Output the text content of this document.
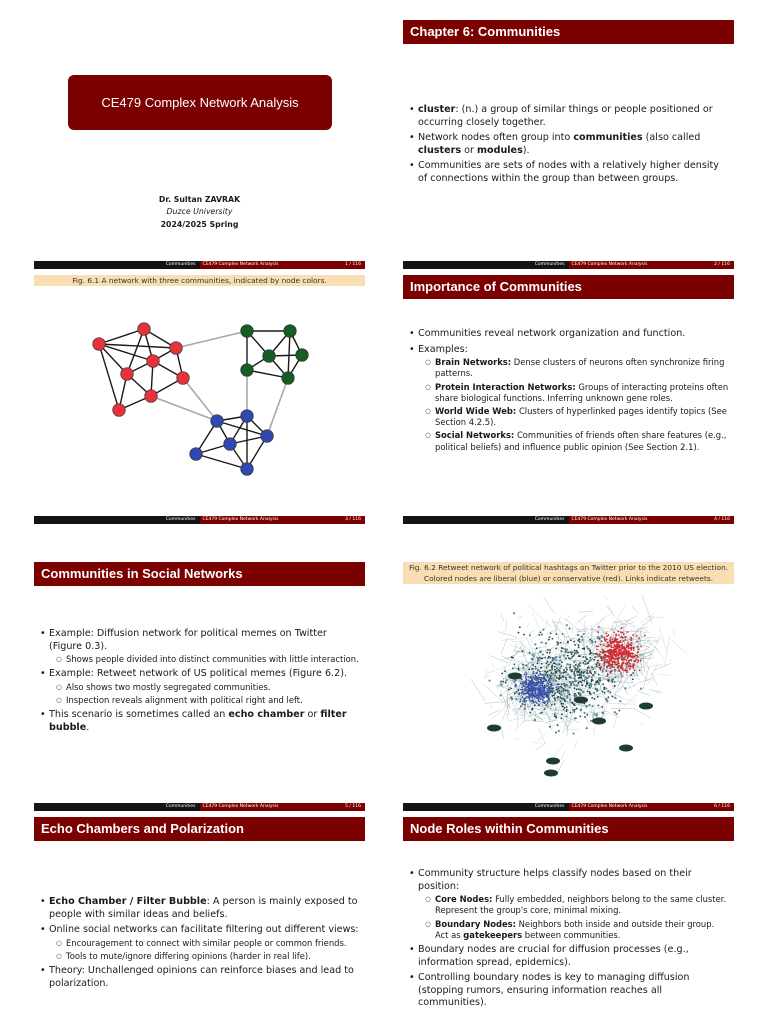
CE479 Complex Network Analysis
Dr. Sultan ZAVRAK
Duzce University
2024/2025 Spring
Communities	CE479 Complex Network Analysis	1 / 116
Chapter 6: Communities
• cluster: (n.) a group of similar things or people positioned or occurring closely together.
• Network nodes often group into communities (also called clusters or modules).
• Communities are sets of nodes with a relatively higher density of connections within the group than between groups.
Communities	CE479 Complex Network Analysis	2 / 116
Fig. 6.1 A network with three communities, indicated by node colors.
Communities	CE479 Complex Network Analysis	3 / 116
Importance of Communities
• Communities reveal network organization and function.
• Examples:
○ Brain Networks: Dense clusters of neurons often synchronize firing patterns.
○ Protein Interaction Networks: Groups of interacting proteins often share biological functions. Inferring unknown gene roles.
○ World Wide Web: Clusters of hyperlinked pages identify topics (See Section 4.2.5).
○ Social Networks: Communities of friends often share features (e.g., political beliefs) and influence public opinion (See Section 2.1).
Communities	CE479 Complex Network Analysis	4 / 116
Communities in Social Networks
• Example: Diffusion network for political memes on Twitter (Figure 0.3).
○ Shows people divided into distinct communities with little interaction.
• Example: Retweet network of US political memes (Figure 6.2).
○ Also shows two mostly segregated communities.
○ Inspection reveals alignment with political right and left.
• This scenario is sometimes called an echo chamber or filter bubble.
Communities	CE479 Complex Network Analysis	5 / 116
Fig. 6.2 Retweet network of political hashtags on Twitter prior to the 2010 US election.
Colored nodes are liberal (blue) or conservative (red). Links indicate retweets.
Communities	CE479 Complex Network Analysis	6 / 116
Echo Chambers and Polarization
• Echo Chamber / Filter Bubble: A person is mainly exposed to people with similar ideas and beliefs.
• Online social networks can facilitate filtering out different views:
○ Encouragement to connect with similar people or common friends.
○ Tools to mute/ignore differing opinions (harder in real life).
• Theory: Unchallenged opinions can reinforce biases and lead to polarization.
Node Roles within Communities
• Community structure helps classify nodes based on their position:
○ Core Nodes: Fully embedded, neighbors belong to the same cluster. Represent the group's core, minimal mixing.
○ Boundary Nodes: Neighbors both inside and outside their group. Act as gatekeepers between communities.
• Boundary nodes are crucial for diffusion processes (e.g., information spread, epidemics).
• Controlling boundary nodes is key to managing diffusion (stopping rumors, ensuring information reaches all communities).
